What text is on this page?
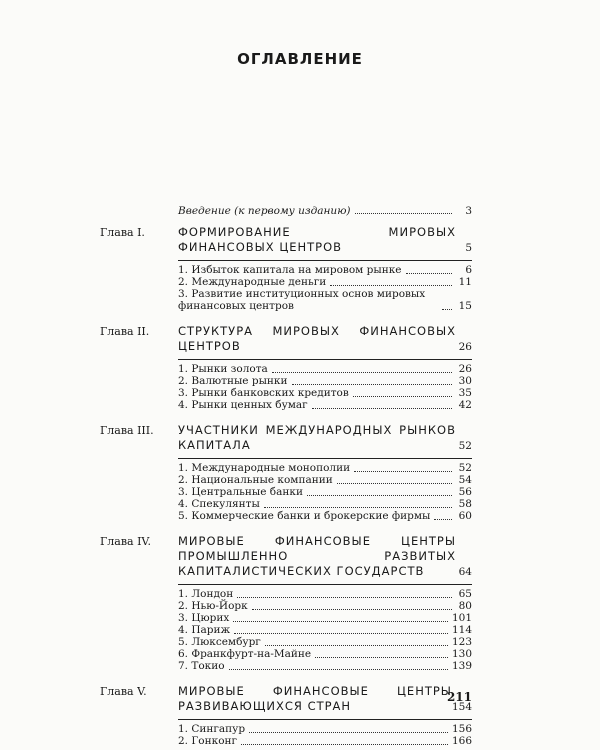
ОГЛАВЛЕНИЕ
Введение (к первому изданию)	3
Глава I.	ФОРМИРОВАНИЕ МИРОВЫХ ФИНАНСОВЫХ ЦЕНТРОВ	5
1. Избыток капитала на мировом рынке	6
2. Международные деньги	11
3. Развитие институционных основ мировых финансовых центров	15
Глава II.	СТРУКТУРА МИРОВЫХ ФИНАНСОВЫХ ЦЕНТРОВ	26
1. Рынки золота	26
2. Валютные рынки	30
3. Рынки банковских кредитов	35
4. Рынки ценных бумаг	42
Глава III.	УЧАСТНИКИ МЕЖДУНАРОДНЫХ РЫНКОВ КАПИТАЛА	52
1. Международные монополии	52
2. Национальные компании	54
3. Центральные банки	56
4. Спекулянты	58
5. Коммерческие банки и брокерские фирмы	60
Глава IV.	МИРОВЫЕ ФИНАНСОВЫЕ ЦЕНТРЫ ПРОМЫШЛЕННО РАЗВИТЫХ КАПИТАЛИСТИЧЕСКИХ ГОСУДАРСТВ	64
1. Лондон	65
2. Нью-Йорк	80
3. Цюрих	101
4. Париж	114
5. Люксембург	123
6. Франкфурт-на-Майне	130
7. Токио	139
Глава V.	МИРОВЫЕ ФИНАНСОВЫЕ ЦЕНТРЫ РАЗВИВАЮЩИХСЯ СТРАН	154
1. Сингапур	156
2. Гонконг	166
211
